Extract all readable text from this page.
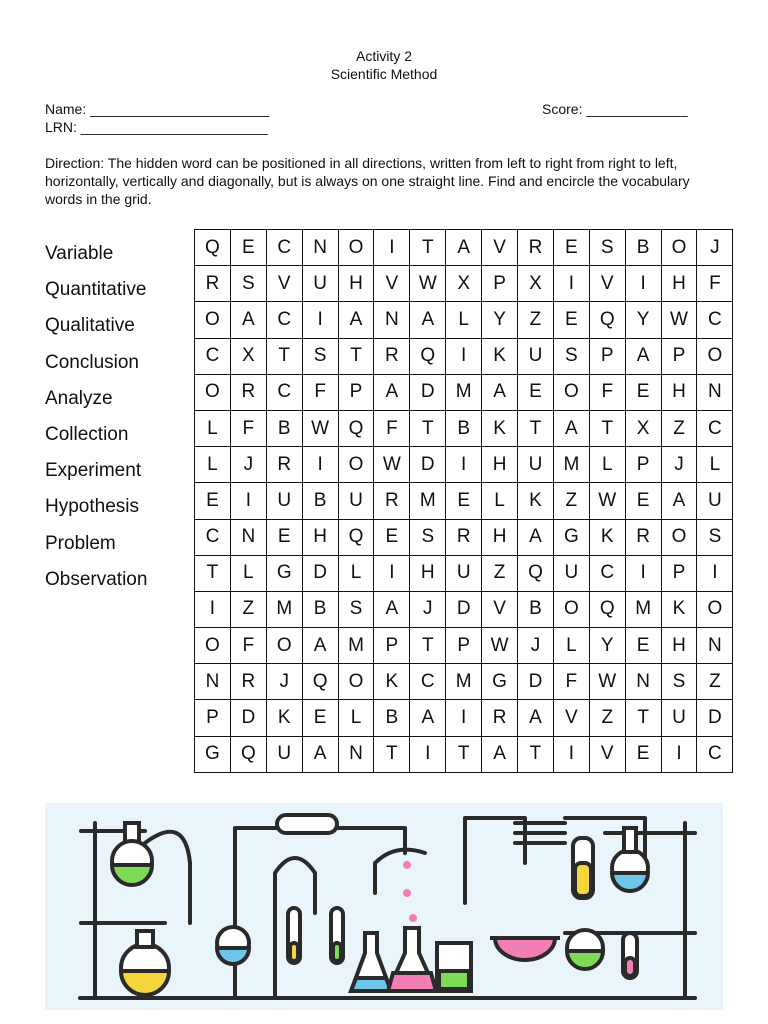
Activity 2
Scientific Method
Name: _______________________
LRN: ________________________
Score: _____________
Direction: The hidden word can be positioned in all directions, written from left to right from right to left, horizontally, vertically and diagonally, but is always on one straight line. Find and encircle the vocabulary words in the grid.
Variable
Quantitative
Qualitative
Conclusion
Analyze
Collection
Experiment
Hypothesis
Problem
Observation
Q	E	C	N	O	I	T	A	V	R	E	S	B	O	J
R	S	V	U	H	V	W	X	P	X	I	V	I	H	F
O	A	C	I	A	N	A	L	Y	Z	E	Q	Y	W	C
C	X	T	S	T	R	Q	I	K	U	S	P	A	P	O
O	R	C	F	P	A	D	M	A	E	O	F	E	H	N
L	F	B	W	Q	F	T	B	K	T	A	T	X	Z	C
L	J	R	I	O	W	D	I	H	U	M	L	P	J	L
E	I	U	B	U	R	M	E	L	K	Z	W	E	A	U
C	N	E	H	Q	E	S	R	H	A	G	K	R	O	S
T	L	G	D	L	I	H	U	Z	Q	U	C	I	P	I
I	Z	M	B	S	A	J	D	V	B	O	Q	M	K	O
O	F	O	A	M	P	T	P	W	J	L	Y	E	H	N
N	R	J	Q	O	K	C	M	G	D	F	W	N	S	Z
P	D	K	E	L	B	A	I	R	A	V	Z	T	U	D
G	Q	U	A	N	T	I	T	A	T	I	V	E	I	C
